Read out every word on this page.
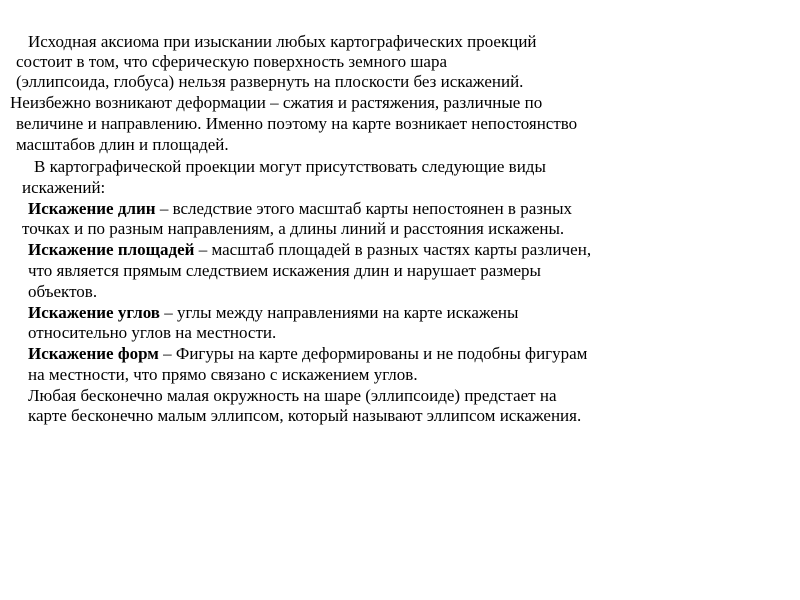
Исходная аксиома при изыскании любых картографических проекций
состоит в том, что сферическую поверхность земного шара
(эллипсоида, глобуса) нельзя развернуть на плоскости без искажений.
Неизбежно возникают деформации – сжатия и растяжения, различные по
величине и направлению. Именно поэтому на карте возникает непостоянство
масштабов длин и площадей.
В картографической проекции могут присутствовать следующие виды
искажений:
Искажение длин – вследствие этого масштаб карты непостоянен в разных
точках и по разным направлениям, а длины линий и расстояния искажены.
Искажение площадей – масштаб площадей в разных частях карты различен,
что является прямым следствием искажения длин и нарушает размеры
объектов.
Искажение углов – углы между направлениями на карте искажены
относительно углов на местности.
Искажение форм – Фигуры на карте деформированы и не подобны фигурам
на местности, что прямо связано с искажением углов.
Любая бесконечно малая окружность на шаре (эллипсоиде) предстает на
карте бесконечно малым эллипсом, который называют эллипсом искажения.
